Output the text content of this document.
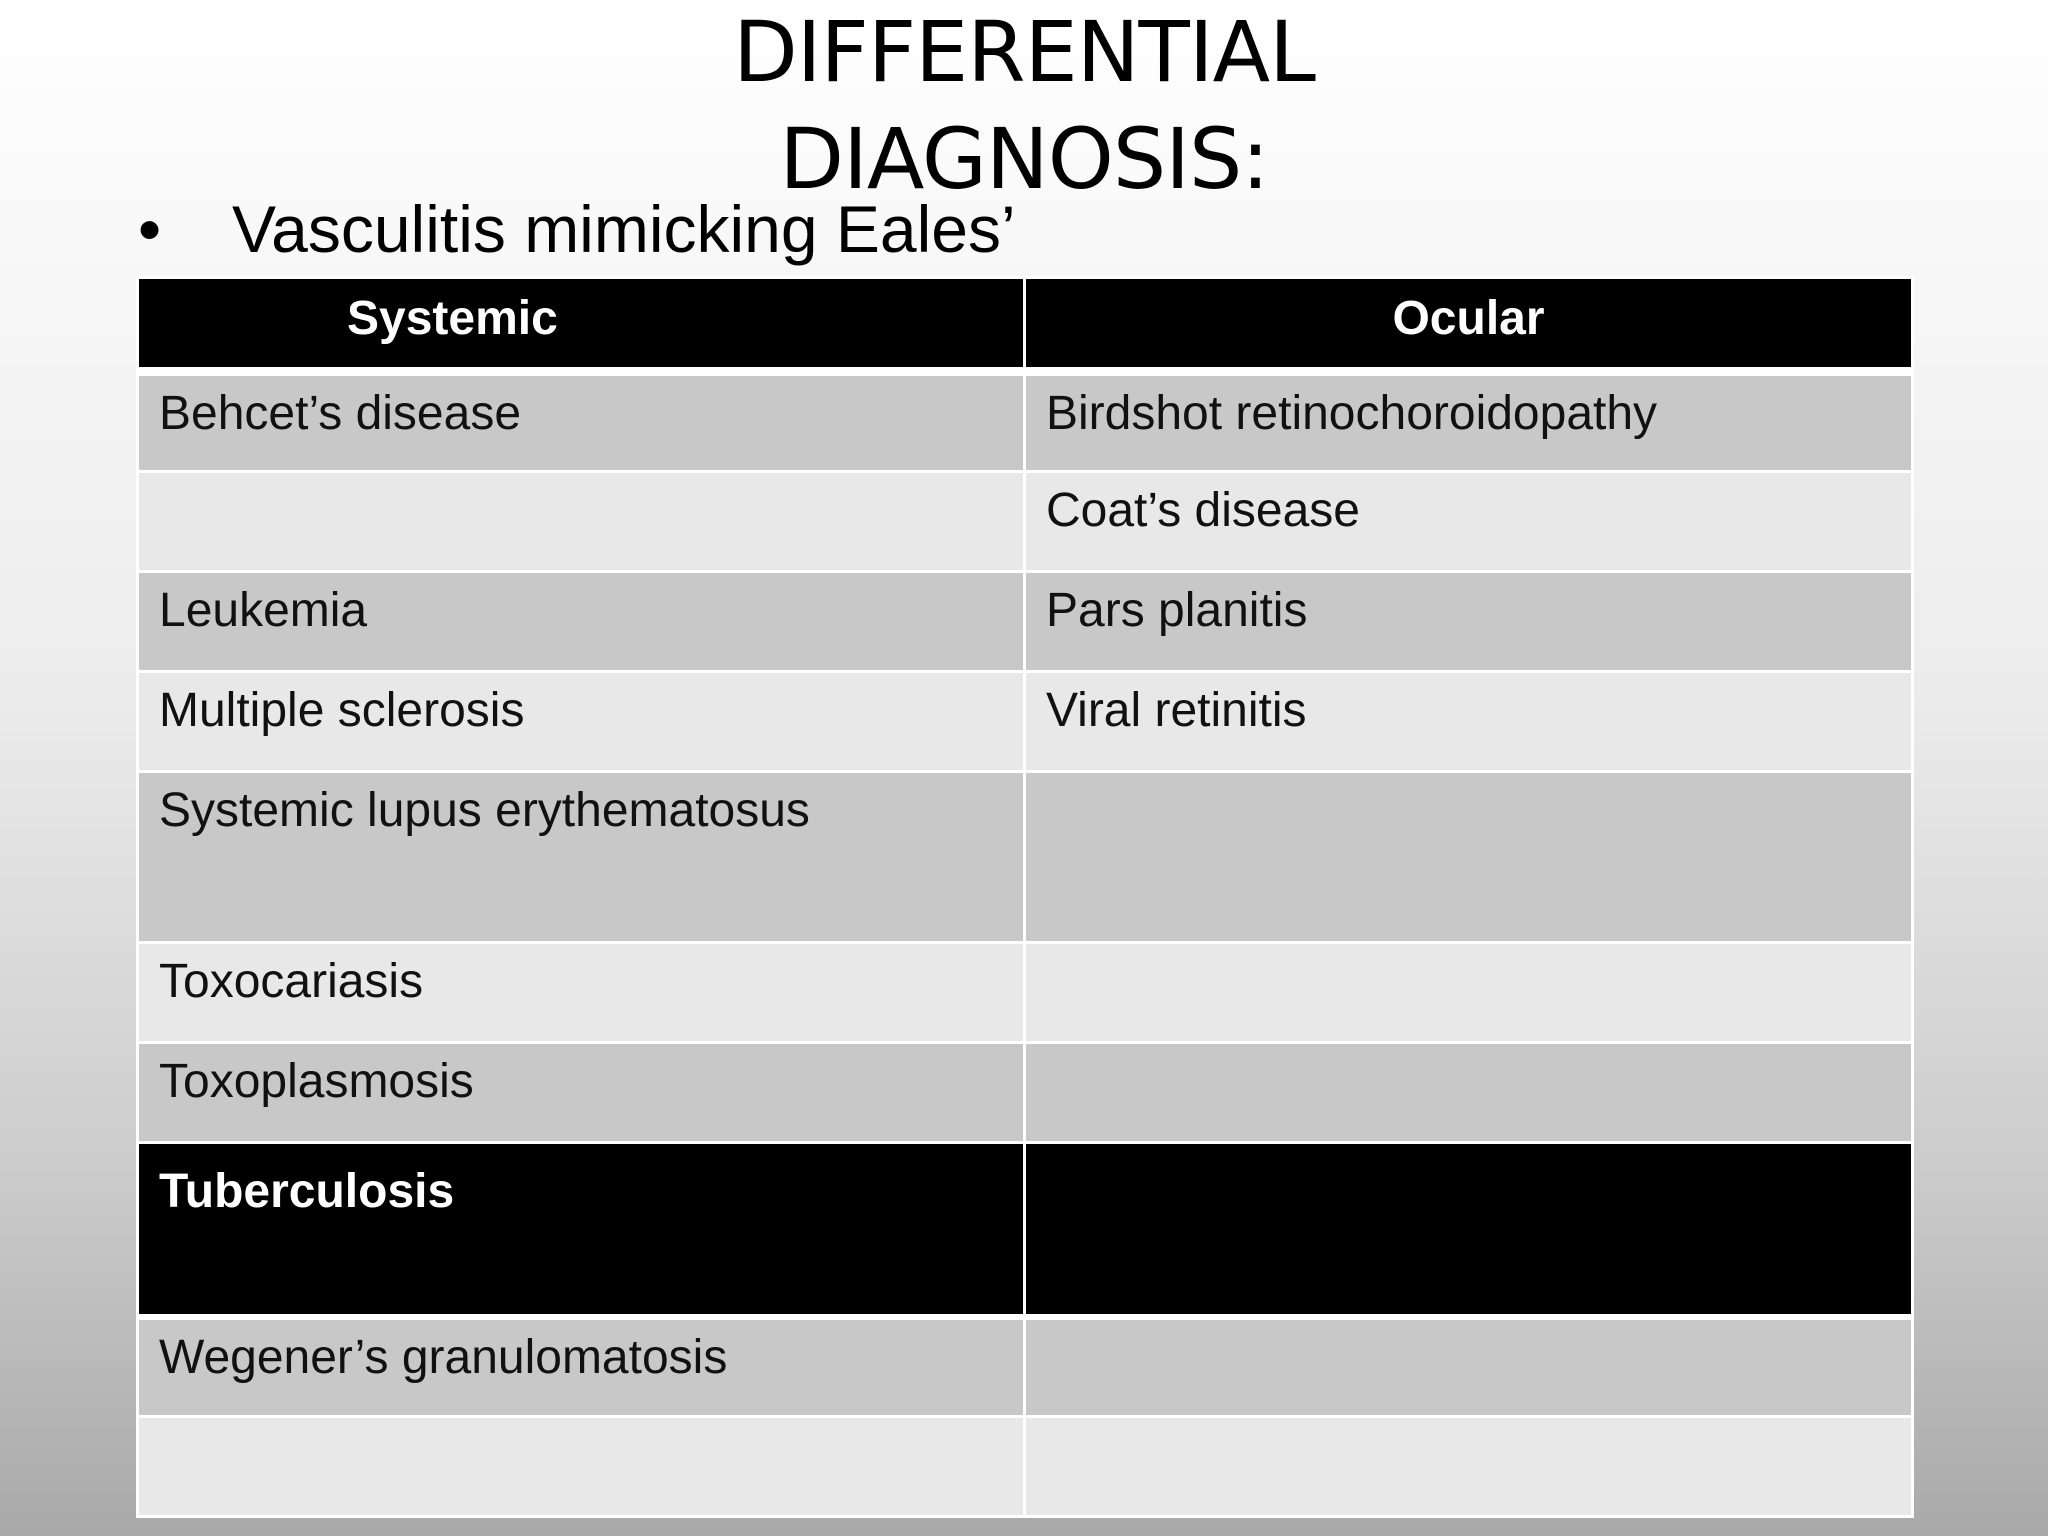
DIFFERENTIAL
DIAGNOSIS:
• Vasculitis mimicking Eales’
Systemic	Ocular
Behcet’s disease	Birdshot retinochoroidopathy
	Coat’s disease
Leukemia	Pars planitis
Multiple sclerosis	Viral retinitis
Systemic lupus erythematosus	
Toxocariasis	
Toxoplasmosis	
Tuberculosis	
Wegener’s granulomatosis	
